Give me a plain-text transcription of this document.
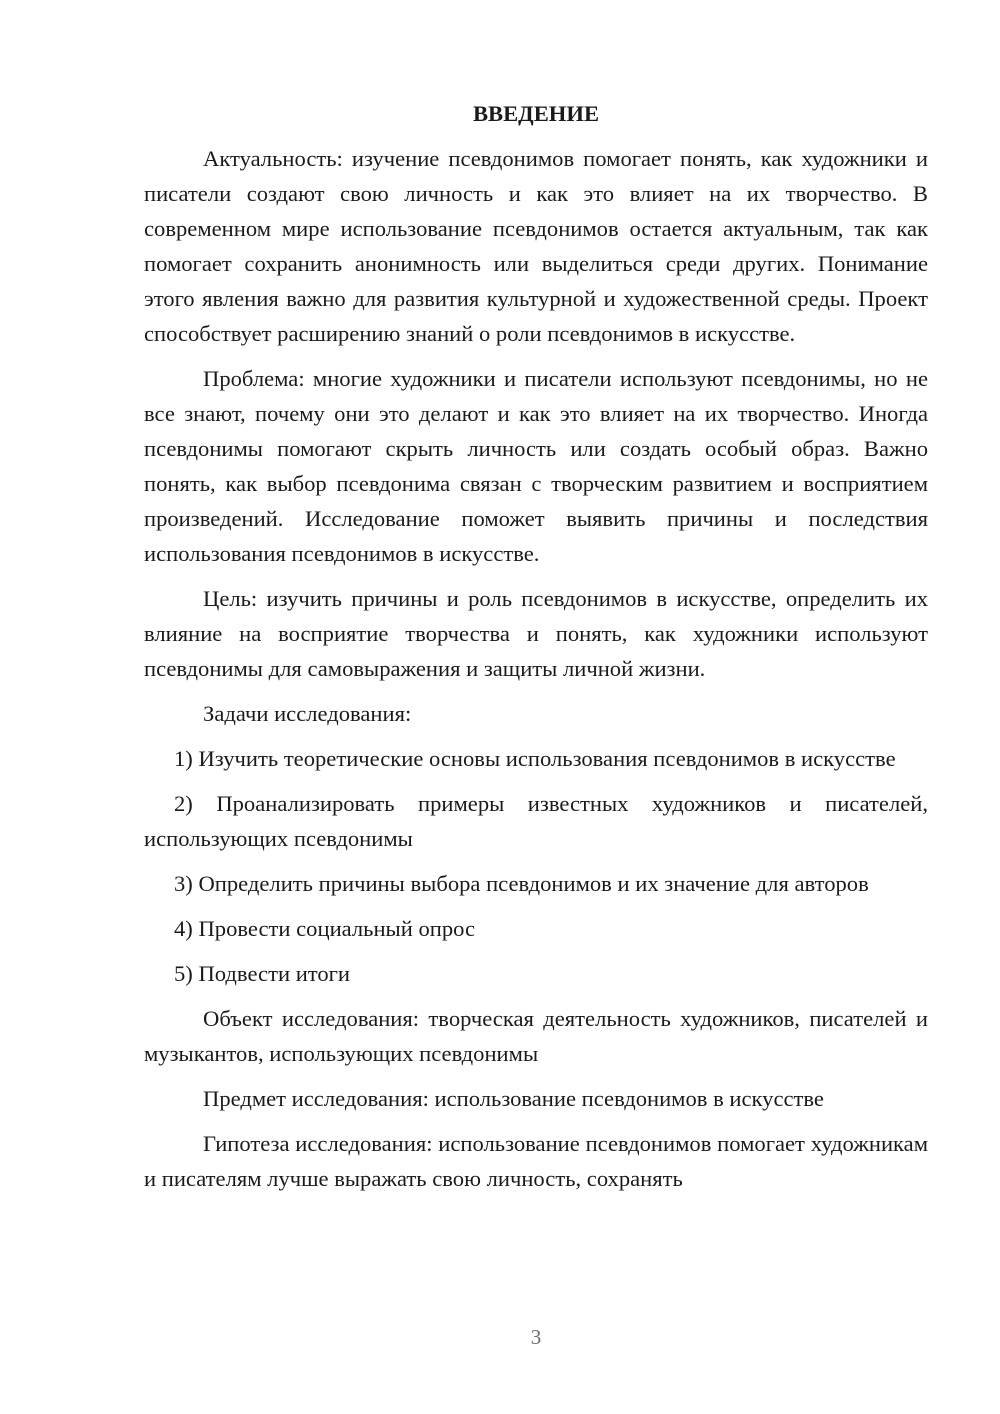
ВВЕДЕНИЕ

Актуальность: изучение псевдонимов помогает понять, как художники и писатели создают свою личность и как это влияет на их творчество. В современном мире использование псевдонимов остается актуальным, так как помогает сохранить анонимность или выделиться среди других. Понимание этого явления важно для развития культурной и художественной среды. Проект способствует расширению знаний о роли псевдонимов в искусстве.

Проблема: многие художники и писатели используют псевдонимы, но не все знают, почему они это делают и как это влияет на их творчество. Иногда псевдонимы помогают скрыть личность или создать особый образ. Важно понять, как выбор псевдонима связан с творческим развитием и восприятием произведений. Исследование поможет выявить причины и последствия использования псевдонимов в искусстве.

Цель: изучить причины и роль псевдонимов в искусстве, определить их влияние на восприятие творчества и понять, как художники используют псевдонимы для самовыражения и защиты личной жизни.

Задачи исследования:

1) Изучить теоретические основы использования псевдонимов в искусстве

2) Проанализировать примеры известных художников и писателей, использующих псевдонимы

3) Определить причины выбора псевдонимов и их значение для авторов

4) Провести социальный опрос

5) Подвести итоги

Объект исследования: творческая деятельность художников, писателей и музыкантов, использующих псевдонимы

Предмет исследования: использование псевдонимов в искусстве

Гипотеза исследования: использование псевдонимов помогает художникам и писателям лучше выражать свою личность, сохранять

3
